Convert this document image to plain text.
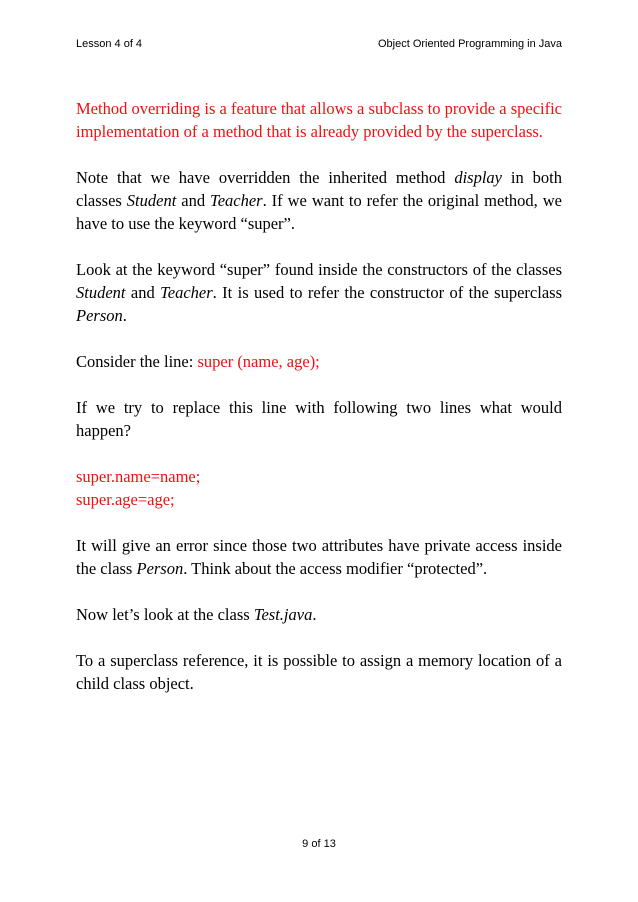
Lesson 4 of 4	Object Oriented Programming in Java

Method overriding is a feature that allows a subclass to provide a specific implementation of a method that is already provided by the superclass.

Note that we have overridden the inherited method display in both classes Student and Teacher. If we want to refer the original method, we have to use the keyword “super”.

Look at the keyword “super” found inside the constructors of the classes Student and Teacher. It is used to refer the constructor of the superclass Person.

Consider the line: super (name, age);

If we try to replace this line with following two lines what would happen?

super.name=name;
super.age=age;

It will give an error since those two attributes have private access inside the class Person. Think about the access modifier “protected”.

Now let’s look at the class Test.java.

To a superclass reference, it is possible to assign a memory location of a child class object.

9 of 13
